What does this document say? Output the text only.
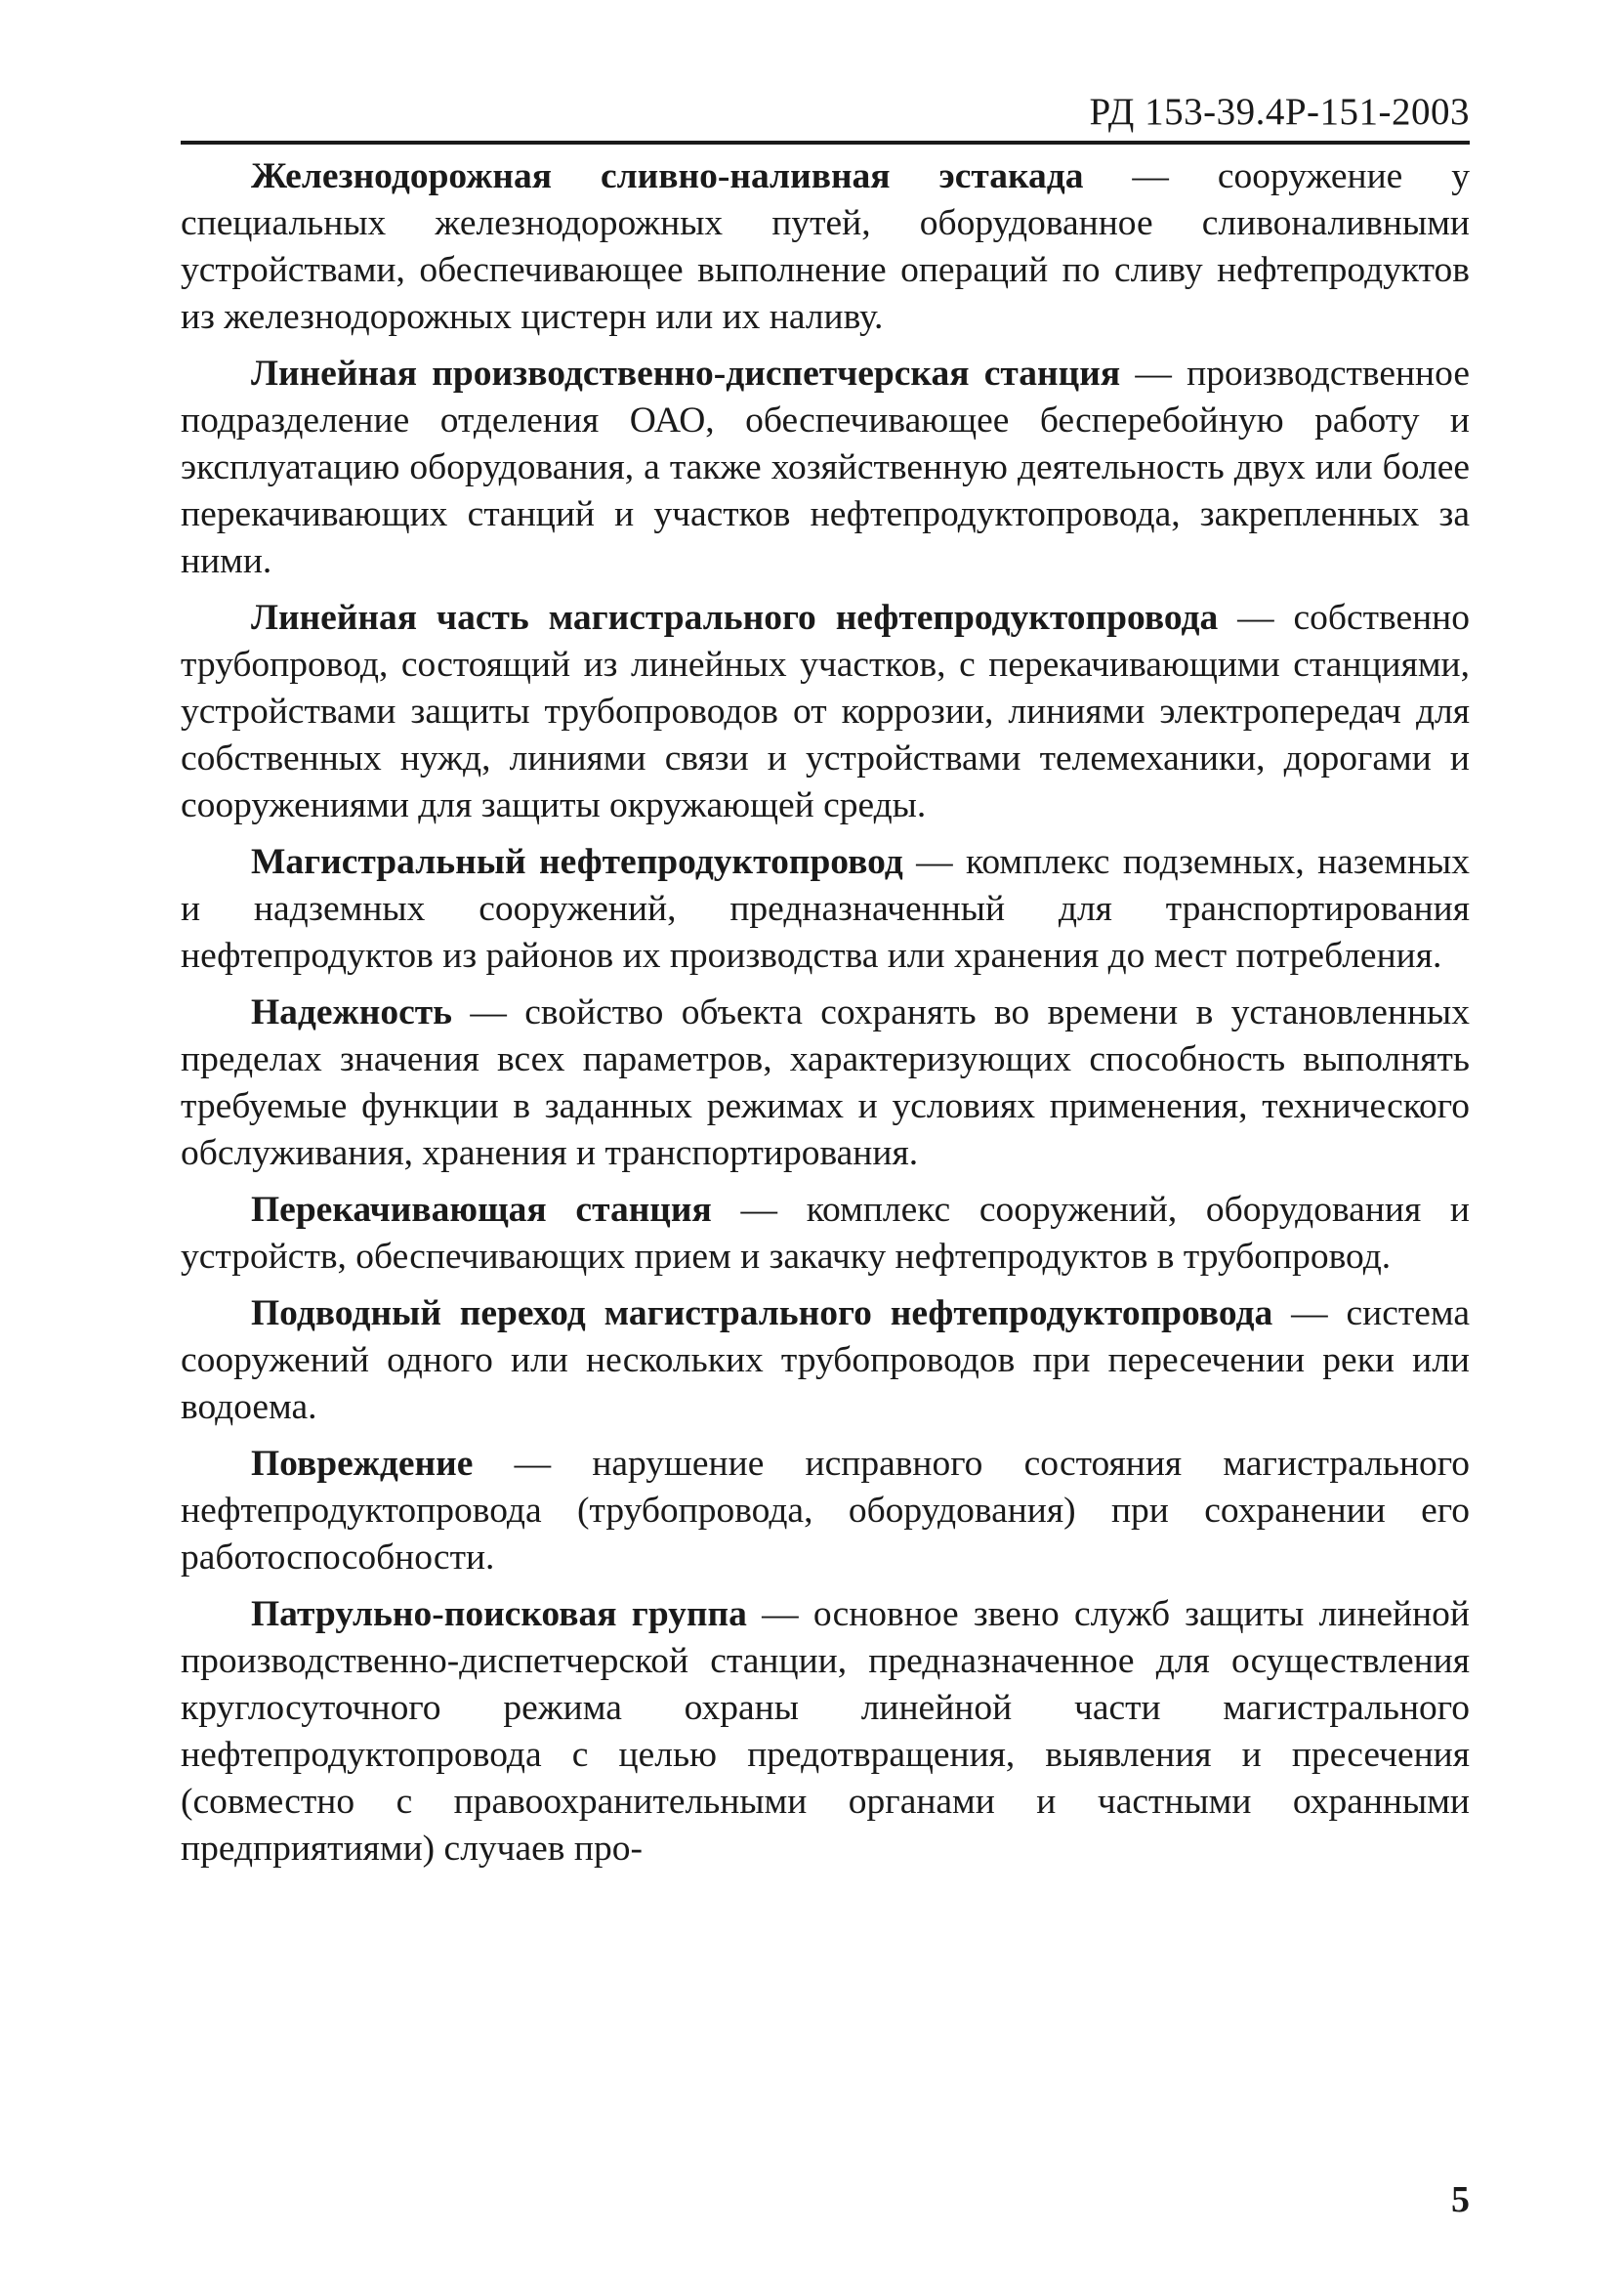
РД 153-39.4Р-151-2003

Железнодорожная сливно-наливная эстакада — сооружение у специальных железнодорожных путей, оборудованное сливоналивными устройствами, обеспечивающее выполнение операций по сливу нефтепродуктов из железнодорожных цистерн или их наливу.

Линейная производственно-диспетчерская станция — производственное подразделение отделения ОАО, обеспечивающее бесперебойную работу и эксплуатацию оборудования, а также хозяйственную деятельность двух или более перекачивающих станций и участков нефтепродуктопровода, закрепленных за ними.

Линейная часть магистрального нефтепродуктопровода — собственно трубопровод, состоящий из линейных участков, с перекачивающими станциями, устройствами защиты трубопроводов от коррозии, линиями электропередач для собственных нужд, линиями связи и устройствами телемеханики, дорогами и сооружениями для защиты окружающей среды.

Магистральный нефтепродуктопровод — комплекс подземных, наземных и надземных сооружений, предназначенный для транспортирования нефтепродуктов из районов их производства или хранения до мест потребления.

Надежность — свойство объекта сохранять во времени в установленных пределах значения всех параметров, характеризующих способность выполнять требуемые функции в заданных режимах и условиях применения, технического обслуживания, хранения и транспортирования.

Перекачивающая станция — комплекс сооружений, оборудования и устройств, обеспечивающих прием и закачку нефтепродуктов в трубопровод.

Подводный переход магистрального нефтепродуктопровода — система сооружений одного или нескольких трубопроводов при пересечении реки или водоема.

Повреждение — нарушение исправного состояния магистрального нефтепродуктопровода (трубопровода, оборудования) при сохранении его работоспособности.

Патрульно-поисковая группа — основное звено служб защиты линейной производственно-диспетчерской станции, предназначенное для осуществления круглосуточного режима охраны линейной части магистрального нефтепродуктопровода с целью предотвращения, выявления и пресечения (совместно с правоохранительными органами и частными охранными предприятиями) случаев про-

5
